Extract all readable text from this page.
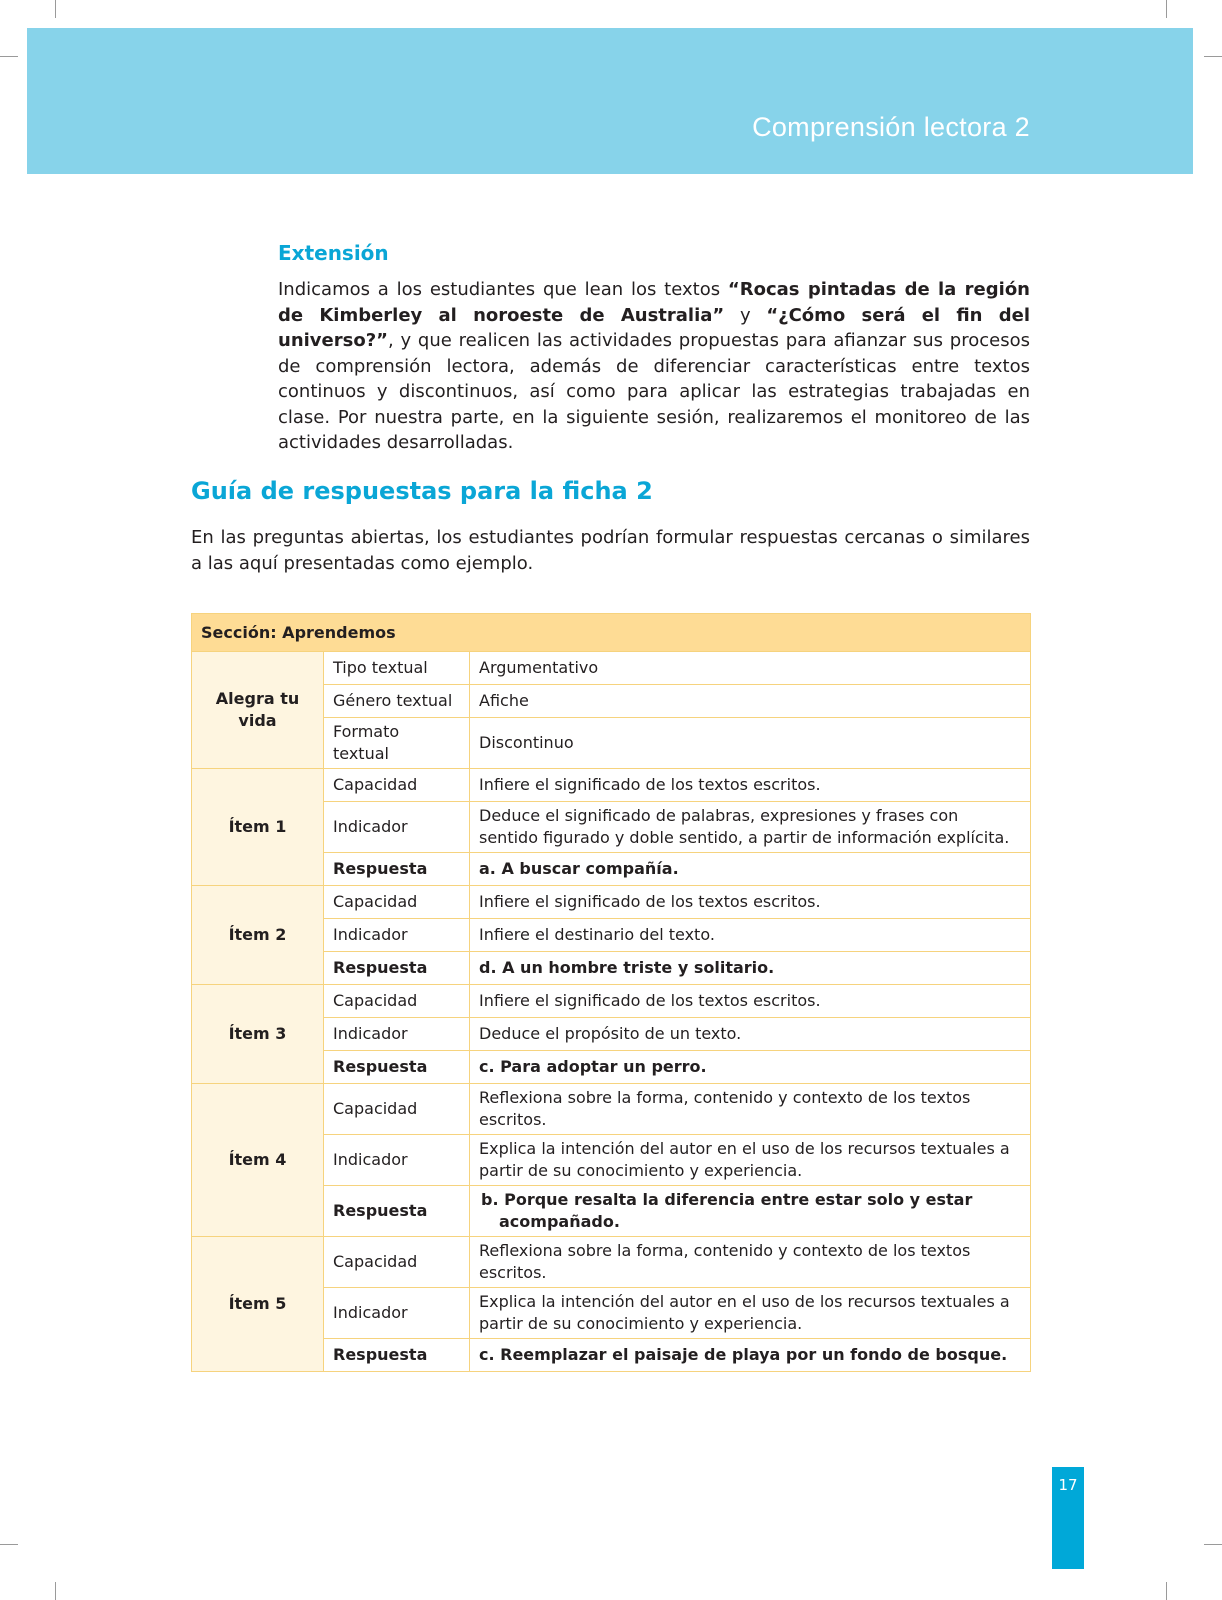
Comprensión lectora 2
Extensión
Indicamos a los estudiantes que lean los textos “Rocas pintadas de la región de Kimberley al noroeste de Australia” y “¿Cómo será el fin del universo?”, y que realicen las actividades propuestas para afianzar sus procesos de comprensión lectora, además de diferenciar características entre textos continuos y discontinuos, así como para aplicar las estrategias trabajadas en clase. Por nuestra parte, en la siguiente sesión, realizaremos el monitoreo de las actividades desarrolladas.
Guía de respuestas para la ficha 2
En las preguntas abiertas, los estudiantes podrían formular respuestas cercanas o similares a las aquí presentadas como ejemplo.
Sección: Aprendemos		
Alegra tu vida	Tipo textual	Argumentativo
	Género textual	Afiche
	Formato textual	Discontinuo
Ítem 1	Capacidad	Infiere el significado de los textos escritos.
	Indicador	Deduce el significado de palabras, expresiones y frases con sentido figurado y doble sentido, a partir de información explícita.
	Respuesta	a. A buscar compañía.
Ítem 2	Capacidad	Infiere el significado de los textos escritos.
	Indicador	Infiere el destinario del texto.
	Respuesta	d. A un hombre triste y solitario.
Ítem 3	Capacidad	Infiere el significado de los textos escritos.
	Indicador	Deduce el propósito de un texto.
	Respuesta	c. Para adoptar un perro.
Ítem 4	Capacidad	Reflexiona sobre la forma, contenido y contexto de los textos escritos.
	Indicador	Explica la intención del autor en el uso de los recursos textuales a partir de su conocimiento y experiencia.
	Respuesta	b. Porque resalta la diferencia entre estar solo y estar acompañado.
Ítem 5	Capacidad	Reflexiona sobre la forma, contenido y contexto de los textos escritos.
	Indicador	Explica la intención del autor en el uso de los recursos textuales a partir de su conocimiento y experiencia.
	Respuesta	c. Reemplazar el paisaje de playa por un fondo de bosque.
17
